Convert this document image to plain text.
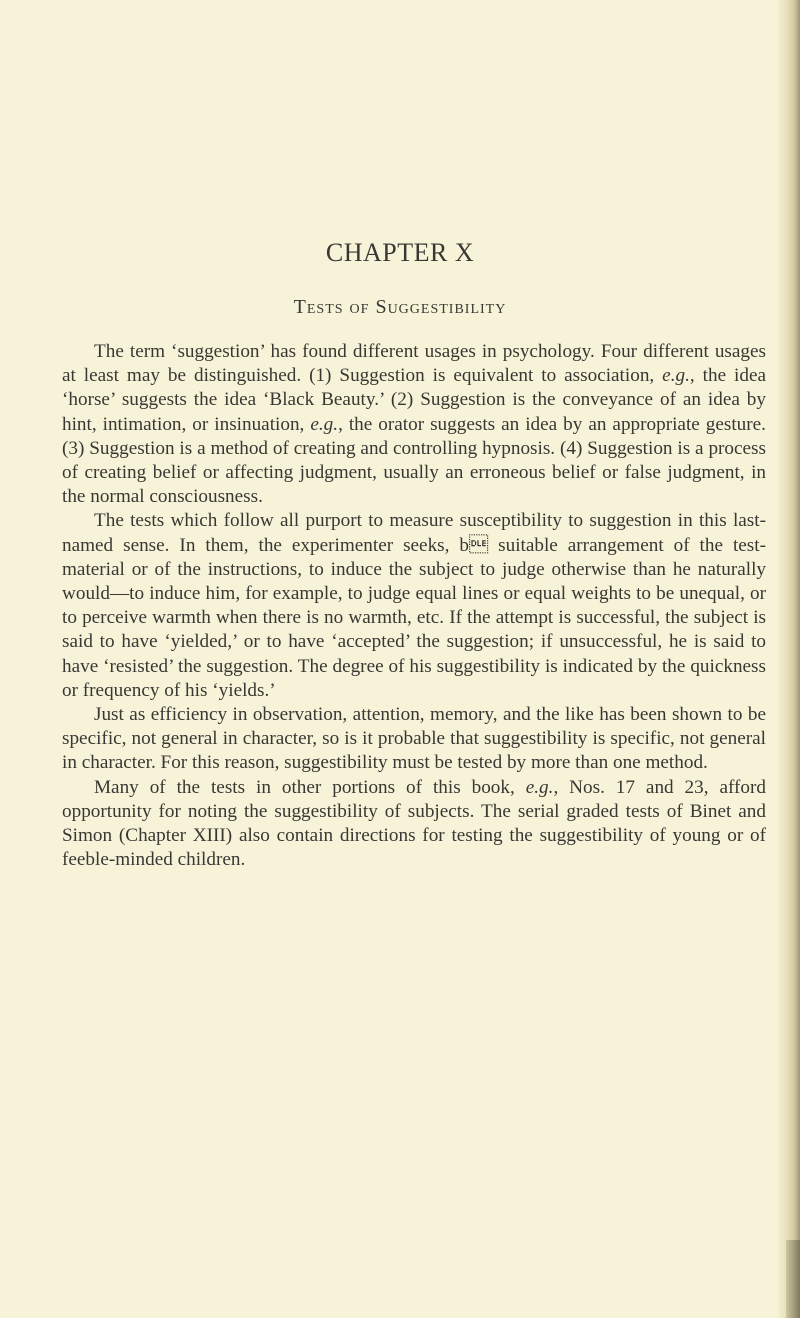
CHAPTER X
Tests of Suggestibility

The term ‘suggestion’ has found different usages in psychology. Four different usages at least may be distinguished. (1) Suggestion is equivalent to association, e.g., the idea ‘horse’ suggests the idea ‘Black Beauty.’ (2) Suggestion is the conveyance of an idea by hint, intimation, or insinuation, e.g., the orator suggests an idea by an appropriate gesture. (3) Suggestion is a method of creating and controlling hypnosis. (4) Suggestion is a process of creating belief or affecting judgment, usually an erroneous belief or false judgment, in the normal consciousness.

The tests which follow all purport to measure susceptibility to suggestion in this last-named sense. In them, the experimenter seeks, b suitable arrangement of the test-material or of the instructions, to induce the subject to judge otherwise than he naturally would—to induce him, for example, to judge equal lines or equal weights to be unequal, or to perceive warmth when there is no warmth, etc. If the attempt is successful, the subject is said to have ‘yielded,’ or to have ‘accepted’ the suggestion; if unsuccessful, he is said to have ‘resisted’ the suggestion. The degree of his suggestibility is indicated by the quickness or frequency of his ‘yields.’

Just as efficiency in observation, attention, memory, and the like has been shown to be specific, not general in character, so is it probable that suggestibility is specific, not general in character. For this reason, suggestibility must be tested by more than one method.

Many of the tests in other portions of this book, e.g., Nos. 17 and 23, afford opportunity for noting the suggestibility of subjects. The serial graded tests of Binet and Simon (Chapter XIII) also contain directions for testing the suggestibility of young or of feeble-minded children.
